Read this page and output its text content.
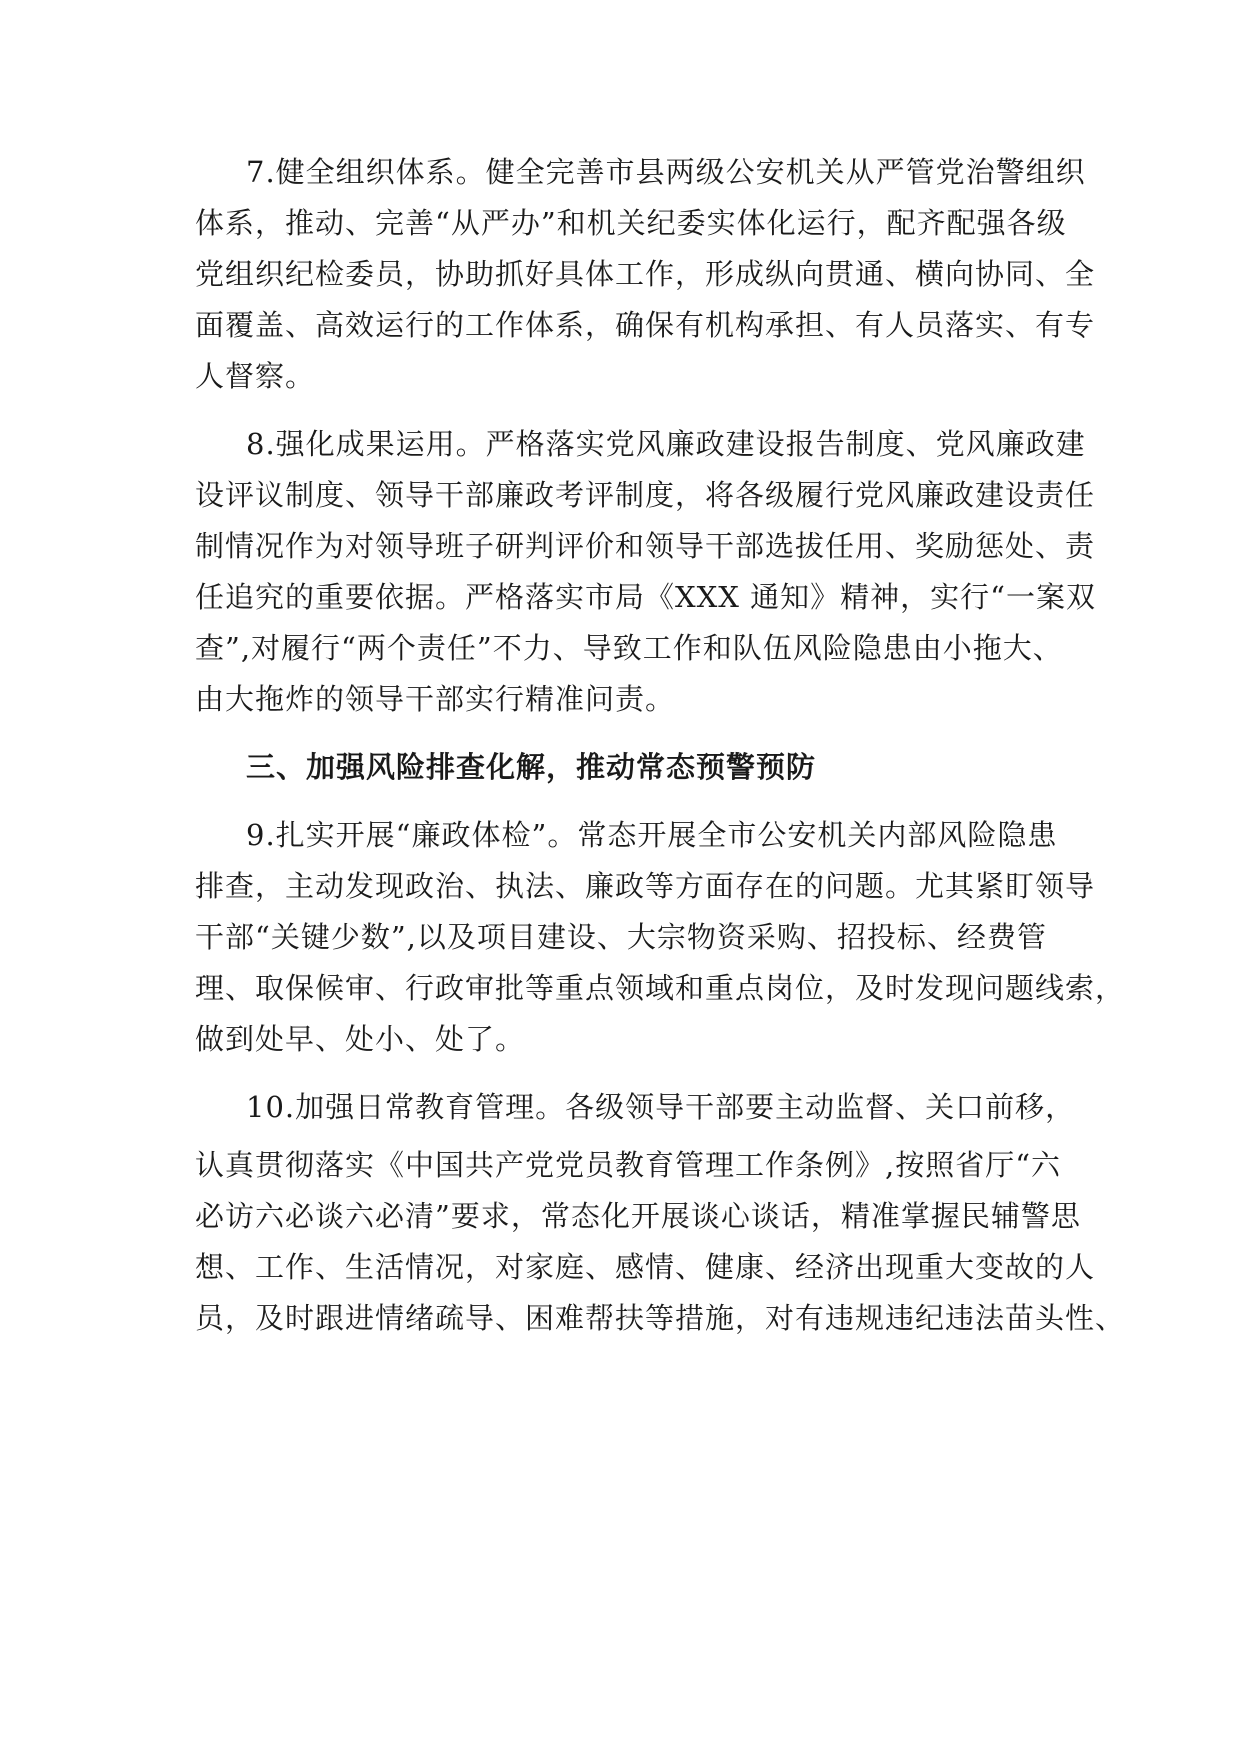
7.健全组织体系。健全完善市县两级公安机关从严管党治警组织
体系，推动、完善“从严办”和机关纪委实体化运行，配齐配强各级
党组织纪检委员，协助抓好具体工作，形成纵向贯通、横向协同、全
面覆盖、高效运行的工作体系，确保有机构承担、有人员落实、有专
人督察。
8.强化成果运用。严格落实党风廉政建设报告制度、党风廉政建
设评议制度、领导干部廉政考评制度，将各级履行党风廉政建设责任
制情况作为对领导班子研判评价和领导干部选拔任用、奖励惩处、责
任追究的重要依据。严格落实市局《XXX 通知》精神，实行“一案双
查”,对履行“两个责任”不力、导致工作和队伍风险隐患由小拖大、
由大拖炸的领导干部实行精准问责。
三、加强风险排查化解，推动常态预警预防
9.扎实开展“廉政体检”。常态开展全市公安机关内部风险隐患
排查，主动发现政治、执法、廉政等方面存在的问题。尤其紧盯领导
干部“关键少数”,以及项目建设、大宗物资采购、招投标、经费管
理、取保候审、行政审批等重点领域和重点岗位，及时发现问题线索，
做到处早、处小、处了。
10.加强日常教育管理。各级领导干部要主动监督、关口前移，
认真贯彻落实《中国共产党党员教育管理工作条例》,按照省厅“六
必访六必谈六必清”要求，常态化开展谈心谈话，精准掌握民辅警思
想、工作、生活情况，对家庭、感情、健康、经济出现重大变故的人
员，及时跟进情绪疏导、困难帮扶等措施，对有违规违纪违法苗头性、
